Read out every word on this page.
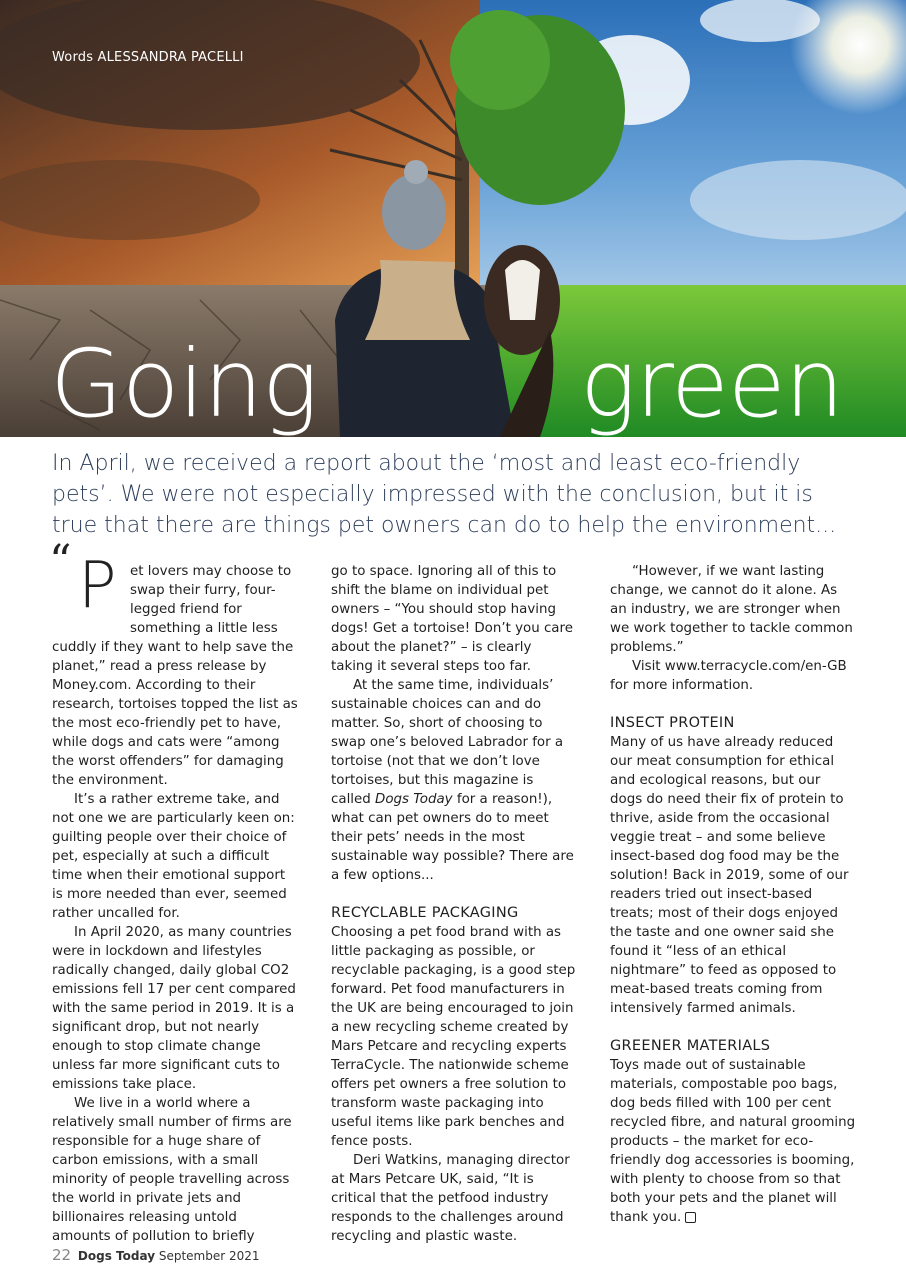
Words ALESSANDRA PACELLI
Going	green
In April, we received a report about the ‘most and least eco-friendly pets’. We were not especially impressed with the conclusion, but it is true that there are things pet owners can do to help the environment...

“ P et lovers may choose to swap their furry, four-legged friend for something a little less cuddly if they want to help save the planet,” read a press release by Money.com. According to their research, tortoises topped the list as the most eco-friendly pet to have, while dogs and cats were “among the worst offenders” for damaging the environment.

It’s a rather extreme take, and not one we are particularly keen on: guilting people over their choice of pet, especially at such a difficult time when their emotional support is more needed than ever, seemed rather uncalled for.

In April 2020, as many countries were in lockdown and lifestyles radically changed, daily global CO2 emissions fell 17 per cent compared with the same period in 2019. It is a significant drop, but not nearly enough to stop climate change unless far more significant cuts to emissions take place.

We live in a world where a relatively small number of firms are responsible for a huge share of carbon emissions, with a small minority of people travelling across the world in private jets and billionaires releasing untold amounts of pollution to briefly

go to space. Ignoring all of this to shift the blame on individual pet owners – “You should stop having dogs! Get a tortoise! Don’t you care about the planet?” – is clearly taking it several steps too far.

At the same time, individuals’ sustainable choices can and do matter. So, short of choosing to swap one’s beloved Labrador for a tortoise (not that we don’t love tortoises, but this magazine is called Dogs Today for a reason!), what can pet owners do to meet their pets’ needs in the most sustainable way possible? There are a few options...

RECYCLABLE PACKAGING

Choosing a pet food brand with as little packaging as possible, or recyclable packaging, is a good step forward. Pet food manufacturers in the UK are being encouraged to join a new recycling scheme created by Mars Petcare and recycling experts TerraCycle. The nationwide scheme offers pet owners a free solution to transform waste packaging into useful items like park benches and fence posts.

Deri Watkins, managing director at Mars Petcare UK, said, “It is critical that the petfood industry responds to the challenges around recycling and plastic waste.

“However, if we want lasting change, we cannot do it alone. As an industry, we are stronger when we work together to tackle common problems.”

Visit www.terracycle.com/en-GB for more information.

INSECT PROTEIN

Many of us have already reduced our meat consumption for ethical and ecological reasons, but our dogs do need their fix of protein to thrive, aside from the occasional veggie treat – and some believe insect-based dog food may be the solution! Back in 2019, some of our readers tried out insect-based treats; most of their dogs enjoyed the taste and one owner said she found it “less of an ethical nightmare” to feed as opposed to meat-based treats coming from intensively farmed animals.

GREENER MATERIALS

Toys made out of sustainable materials, compostable poo bags, dog beds filled with 100 per cent recycled fibre, and natural grooming products – the market for eco-friendly dog accessories is booming, with plenty to choose from so that both your pets and the planet will thank you.

22 Dogs Today September 2021
